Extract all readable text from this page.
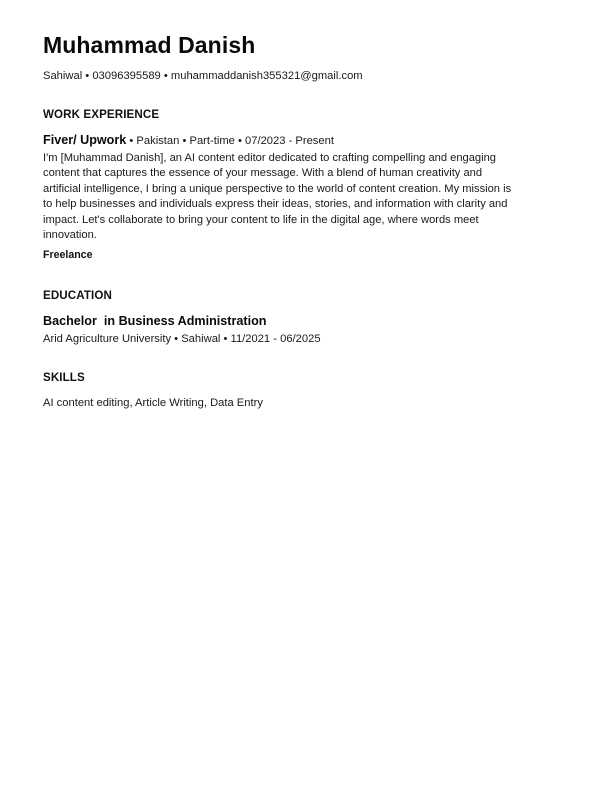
Muhammad Danish
Sahiwal • 03096395589 • muhammaddanish355321@gmail.com
WORK EXPERIENCE
Fiver/ Upwork • Pakistan • Part-time • 07/2023 - Present
I'm [Muhammad Danish], an AI content editor dedicated to crafting compelling and engaging
content that captures the essence of your message. With a blend of human creativity and
artificial intelligence, I bring a unique perspective to the world of content creation. My mission is
to help businesses and individuals express their ideas, stories, and information with clarity and
impact. Let's collaborate to bring your content to life in the digital age, where words meet
innovation.
Freelance
EDUCATION
Bachelor  in Business Administration
Arid Agriculture University • Sahiwal • 11/2021 - 06/2025
SKILLS
AI content editing, Article Writing, Data Entry
